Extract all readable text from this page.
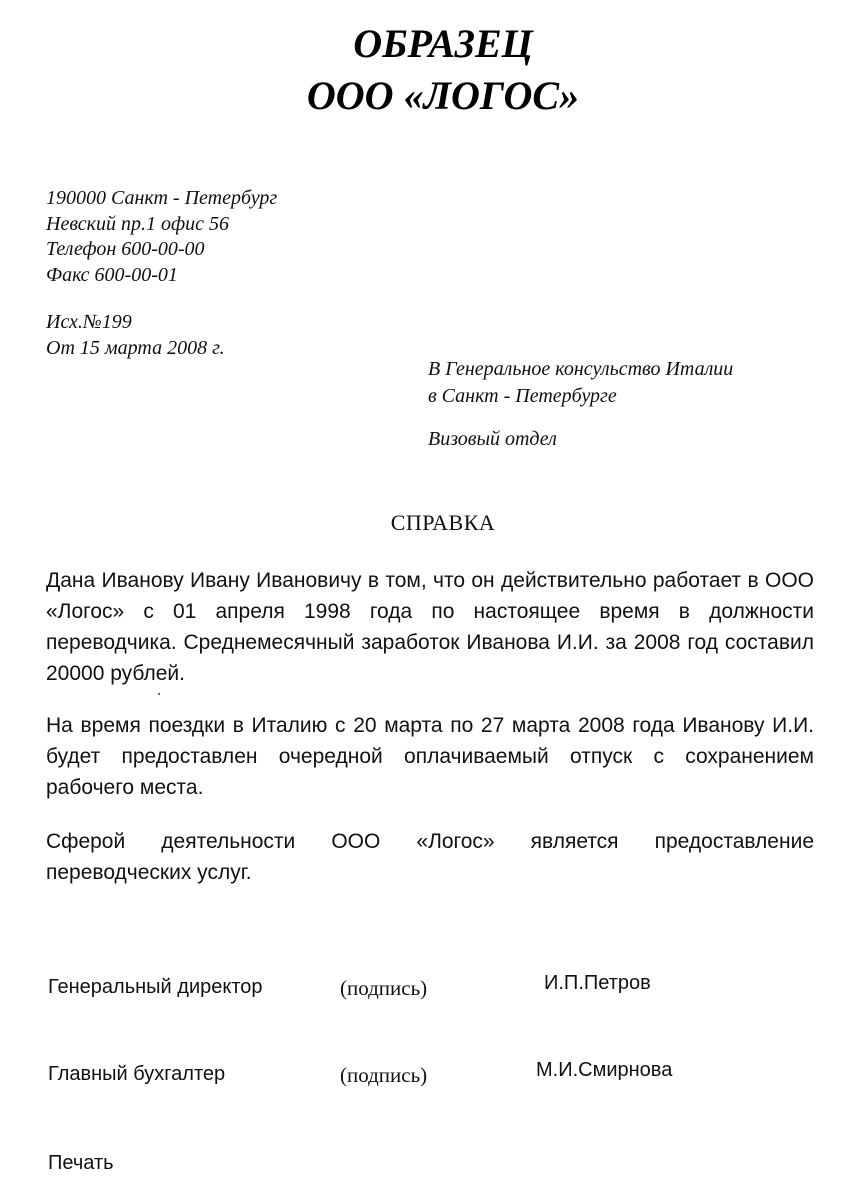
ОБРАЗЕЦ
ООО «ЛОГОС»
190000 Санкт - Петербург
Невский пр.1 офис 56
Телефон 600-00-00
Факс 600-00-01
Исх.№199
От 15 марта 2008 г.
В Генеральное консульство Италии
в Санкт - Петербурге
Визовый отдел
СПРАВКА
Дана Иванову Ивану Ивановичу в том, что он действительно работает в ООО «Логос» с 01 апреля 1998 года по настоящее время в должности переводчика. Среднемесячный заработок Иванова И.И. за 2008 год составил 20000 рублей.
На время поездки в Италию с 20 марта по 27 марта 2008 года Иванову И.И. будет предоставлен очередной оплачиваемый отпуск с сохранением рабочего места.
Сферой деятельности ООО «Логос» является предоставление переводческих услуг.
Генеральный директор	(подпись)	И.П.Петров
Главный бухгалтер	(подпись)	М.И.Смирнова
Печать
